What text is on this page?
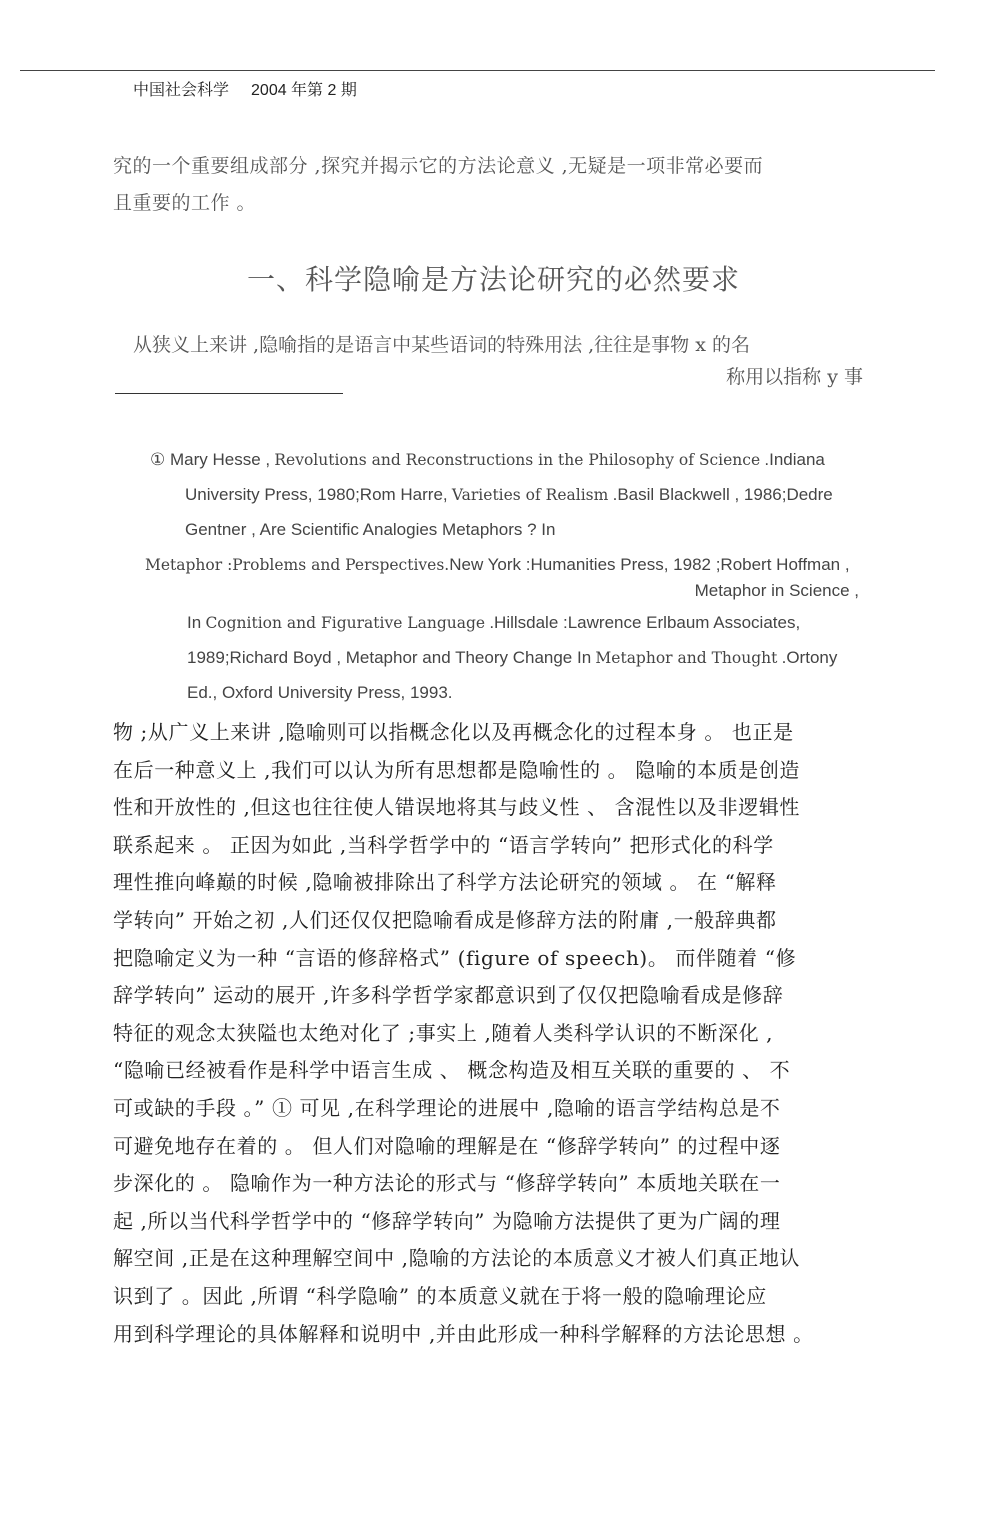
中国社会科学 2004 年第 2 期
究的一个重要组成部分 ,探究并揭示它的方法论意义 ,无疑是一项非常必要而
且重要的工作 。
一、科学隐喻是方法论研究的必然要求
从狭义上来讲 ,隐喻指的是语言中某些语词的特殊用法 ,往往是事物 x 的名
称用以指称 y 事
① Mary Hesse , Revolutions and Reconstructions in the Philosophy of Science .Indiana
University Press, 1980;Rom Harre, Varieties of Realism .Basil Blackwell , 1986;Dedre
Gentner , Are Scientific Analogies Metaphors ? In
Metaphor :Problems and Perspectives.New York :Humanities Press, 1982 ;Robert Hoffman ,
Metaphor in Science ,
In Cognition and Figurative Language .Hillsdale :Lawrence Erlbaum Associates,
1989;Richard Boyd , Metaphor and Theory Change In Metaphor and Thought .Ortony
Ed., Oxford University Press, 1993.
物 ;从广义上来讲 ,隐喻则可以指概念化以及再概念化的过程本身 。 也正是
在后一种意义上 ,我们可以认为所有思想都是隐喻性的 。 隐喻的本质是创造
性和开放性的 ,但这也往往使人错误地将其与歧义性 、 含混性以及非逻辑性
联系起来 。 正因为如此 ,当科学哲学中的 “语言学转向” 把形式化的科学
理性推向峰巅的时候 ,隐喻被排除出了科学方法论研究的领域 。 在 “解释
学转向” 开始之初 ,人们还仅仅把隐喻看成是修辞方法的附庸 ,一般辞典都
把隐喻定义为一种 “言语的修辞格式” (figure of speech)。 而伴随着 “修
辞学转向” 运动的展开 ,许多科学哲学家都意识到了仅仅把隐喻看成是修辞
特征的观念太狭隘也太绝对化了 ;事实上 ,随着人类科学认识的不断深化 ,
“隐喻已经被看作是科学中语言生成 、 概念构造及相互关联的重要的 、 不
可或缺的手段 。” ① 可见 ,在科学理论的进展中 ,隐喻的语言学结构总是不
可避免地存在着的 。 但人们对隐喻的理解是在 “修辞学转向” 的过程中逐
步深化的 。 隐喻作为一种方法论的形式与 “修辞学转向” 本质地关联在一
起 ,所以当代科学哲学中的 “修辞学转向” 为隐喻方法提供了更为广阔的理
解空间 ,正是在这种理解空间中 ,隐喻的方法论的本质意义才被人们真正地认
识到了 。因此 ,所谓 “科学隐喻” 的本质意义就在于将一般的隐喻理论应
用到科学理论的具体解释和说明中 ,并由此形成一种科学解释的方法论思想 。
